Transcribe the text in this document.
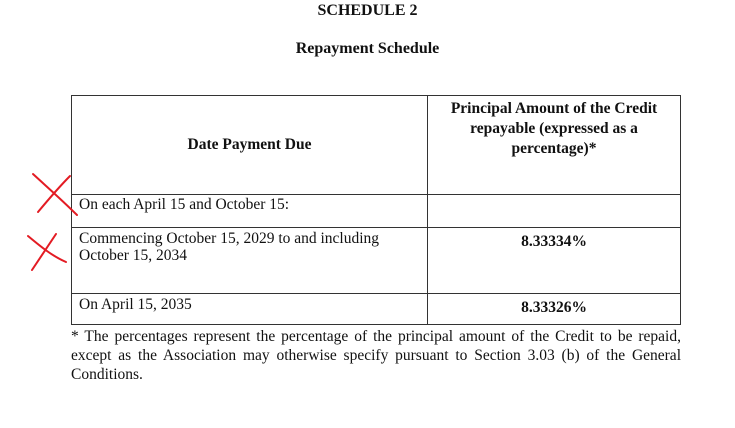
SCHEDULE 2
Repayment Schedule
Date Payment Due	Principal Amount of the Credit repayable (expressed as a percentage)*
On each April 15 and October 15:	
Commencing October 15, 2029 to and including October 15, 2034	8.33334%
On April 15, 2035	8.33326%
* The percentages represent the percentage of the principal amount of the Credit to be repaid, except as the Association may otherwise specify pursuant to Section 3.03 (b) of the General Conditions.
